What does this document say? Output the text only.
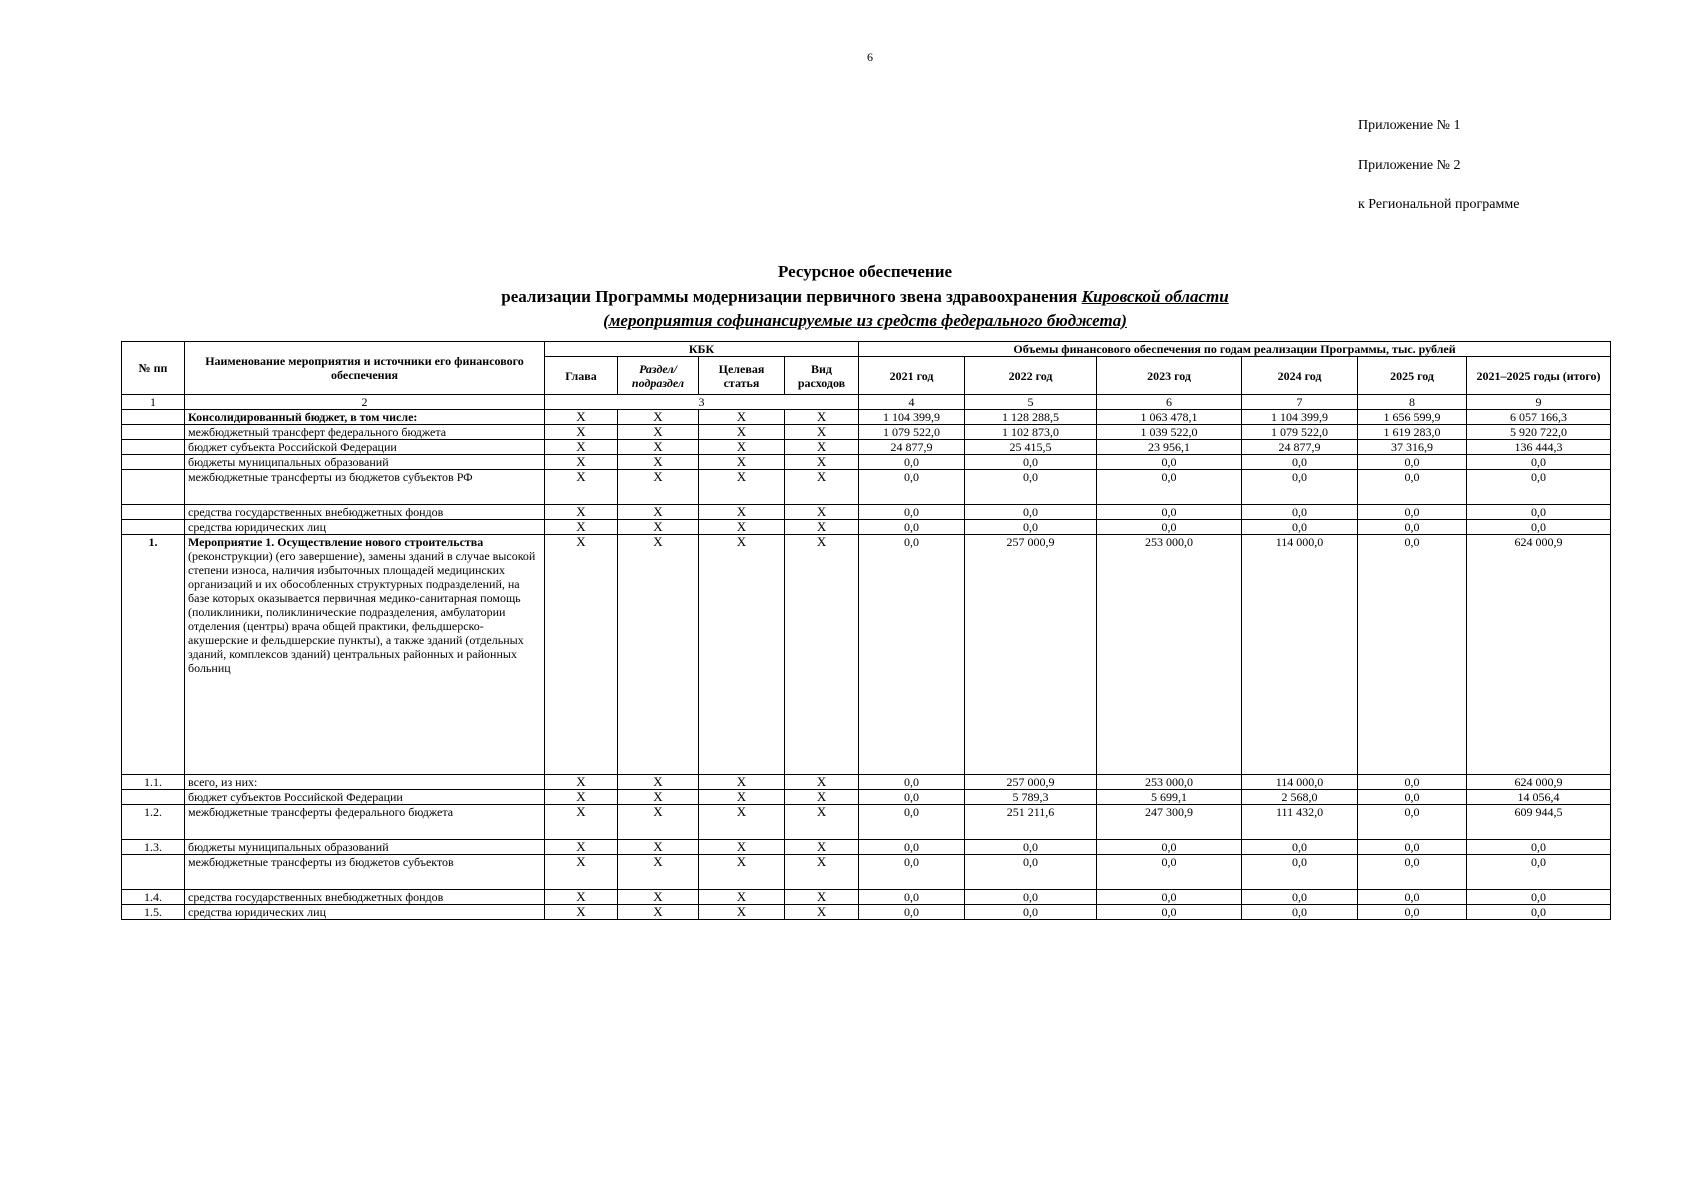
6
Приложение № 1
Приложение № 2
к Региональной программе
Ресурсное обеспечение
реализации Программы модернизации первичного звена здравоохранения Кировской области
(мероприятия софинансируемые из средств федерального бюджета)
№ пп	Наименование мероприятия и источники его финансового обеспечения	КБК				Объемы финансового обеспечения по годам реализации Программы, тыс. рублей					
		Глава	Раздел/ подраздел	Целевая статья	Вид расходов	2021 год	2022 год	2023 год	2024 год	2025 год	2021–2025 годы (итого)
1	2	3				4	5	6	7	8	9
	Консолидированный бюджет, в том числе:	X	X	X	X	1 104 399,9	1 128 288,5	1 063 478,1	1 104 399,9	1 656 599,9	6 057 166,3
	межбюджетный трансферт федерального бюджета	X	X	X	X	1 079 522,0	1 102 873,0	1 039 522,0	1 079 522,0	1 619 283,0	5 920 722,0
	бюджет субъекта Российской Федерации	X	X	X	X	24 877,9	25 415,5	23 956,1	24 877,9	37 316,9	136 444,3
	бюджеты муниципальных образований	X	X	X	X	0,0	0,0	0,0	0,0	0,0	0,0
	межбюджетные трансферты из бюджетов субъектов РФ	X	X	X	X	0,0	0,0	0,0	0,0	0,0	0,0
	средства государственных внебюджетных фондов	X	X	X	X	0,0	0,0	0,0	0,0	0,0	0,0
	средства юридических лиц	X	X	X	X	0,0	0,0	0,0	0,0	0,0	0,0
1.	Мероприятие 1. Осуществление нового строительства (реконструкции) (его завершение), замены зданий в случае высокой степени износа, наличия избыточных площадей медицинских организаций и их обособленных структурных подразделений, на базе которых оказывается первичная медико-санитарная помощь (поликлиники, поликлинические подразделения, амбулатории отделения (центры) врача общей практики, фельдшерско-акушерские и фельдшерские пункты), а также зданий (отдельных зданий, комплексов зданий) центральных районных и районных больниц	X	X	X	X	0,0	257 000,9	253 000,0	114 000,0	0,0	624 000,9
1.1.	всего, из них:	X	X	X	X	0,0	257 000,9	253 000,0	114 000,0	0,0	624 000,9
	бюджет субъектов Российской Федерации	X	X	X	X	0,0	5 789,3	5 699,1	2 568,0	0,0	14 056,4
1.2.	межбюджетные трансферты федерального бюджета	X	X	X	X	0,0	251 211,6	247 300,9	111 432,0	0,0	609 944,5
1.3.	бюджеты муниципальных образований	X	X	X	X	0,0	0,0	0,0	0,0	0,0	0,0
	межбюджетные трансферты из бюджетов субъектов	X	X	X	X	0,0	0,0	0,0	0,0	0,0	0,0
1.4.	средства государственных внебюджетных фондов	X	X	X	X	0,0	0,0	0,0	0,0	0,0	0,0
1.5.	средства юридических лиц	X	X	X	X	0,0	0,0	0,0	0,0	0,0	0,0
